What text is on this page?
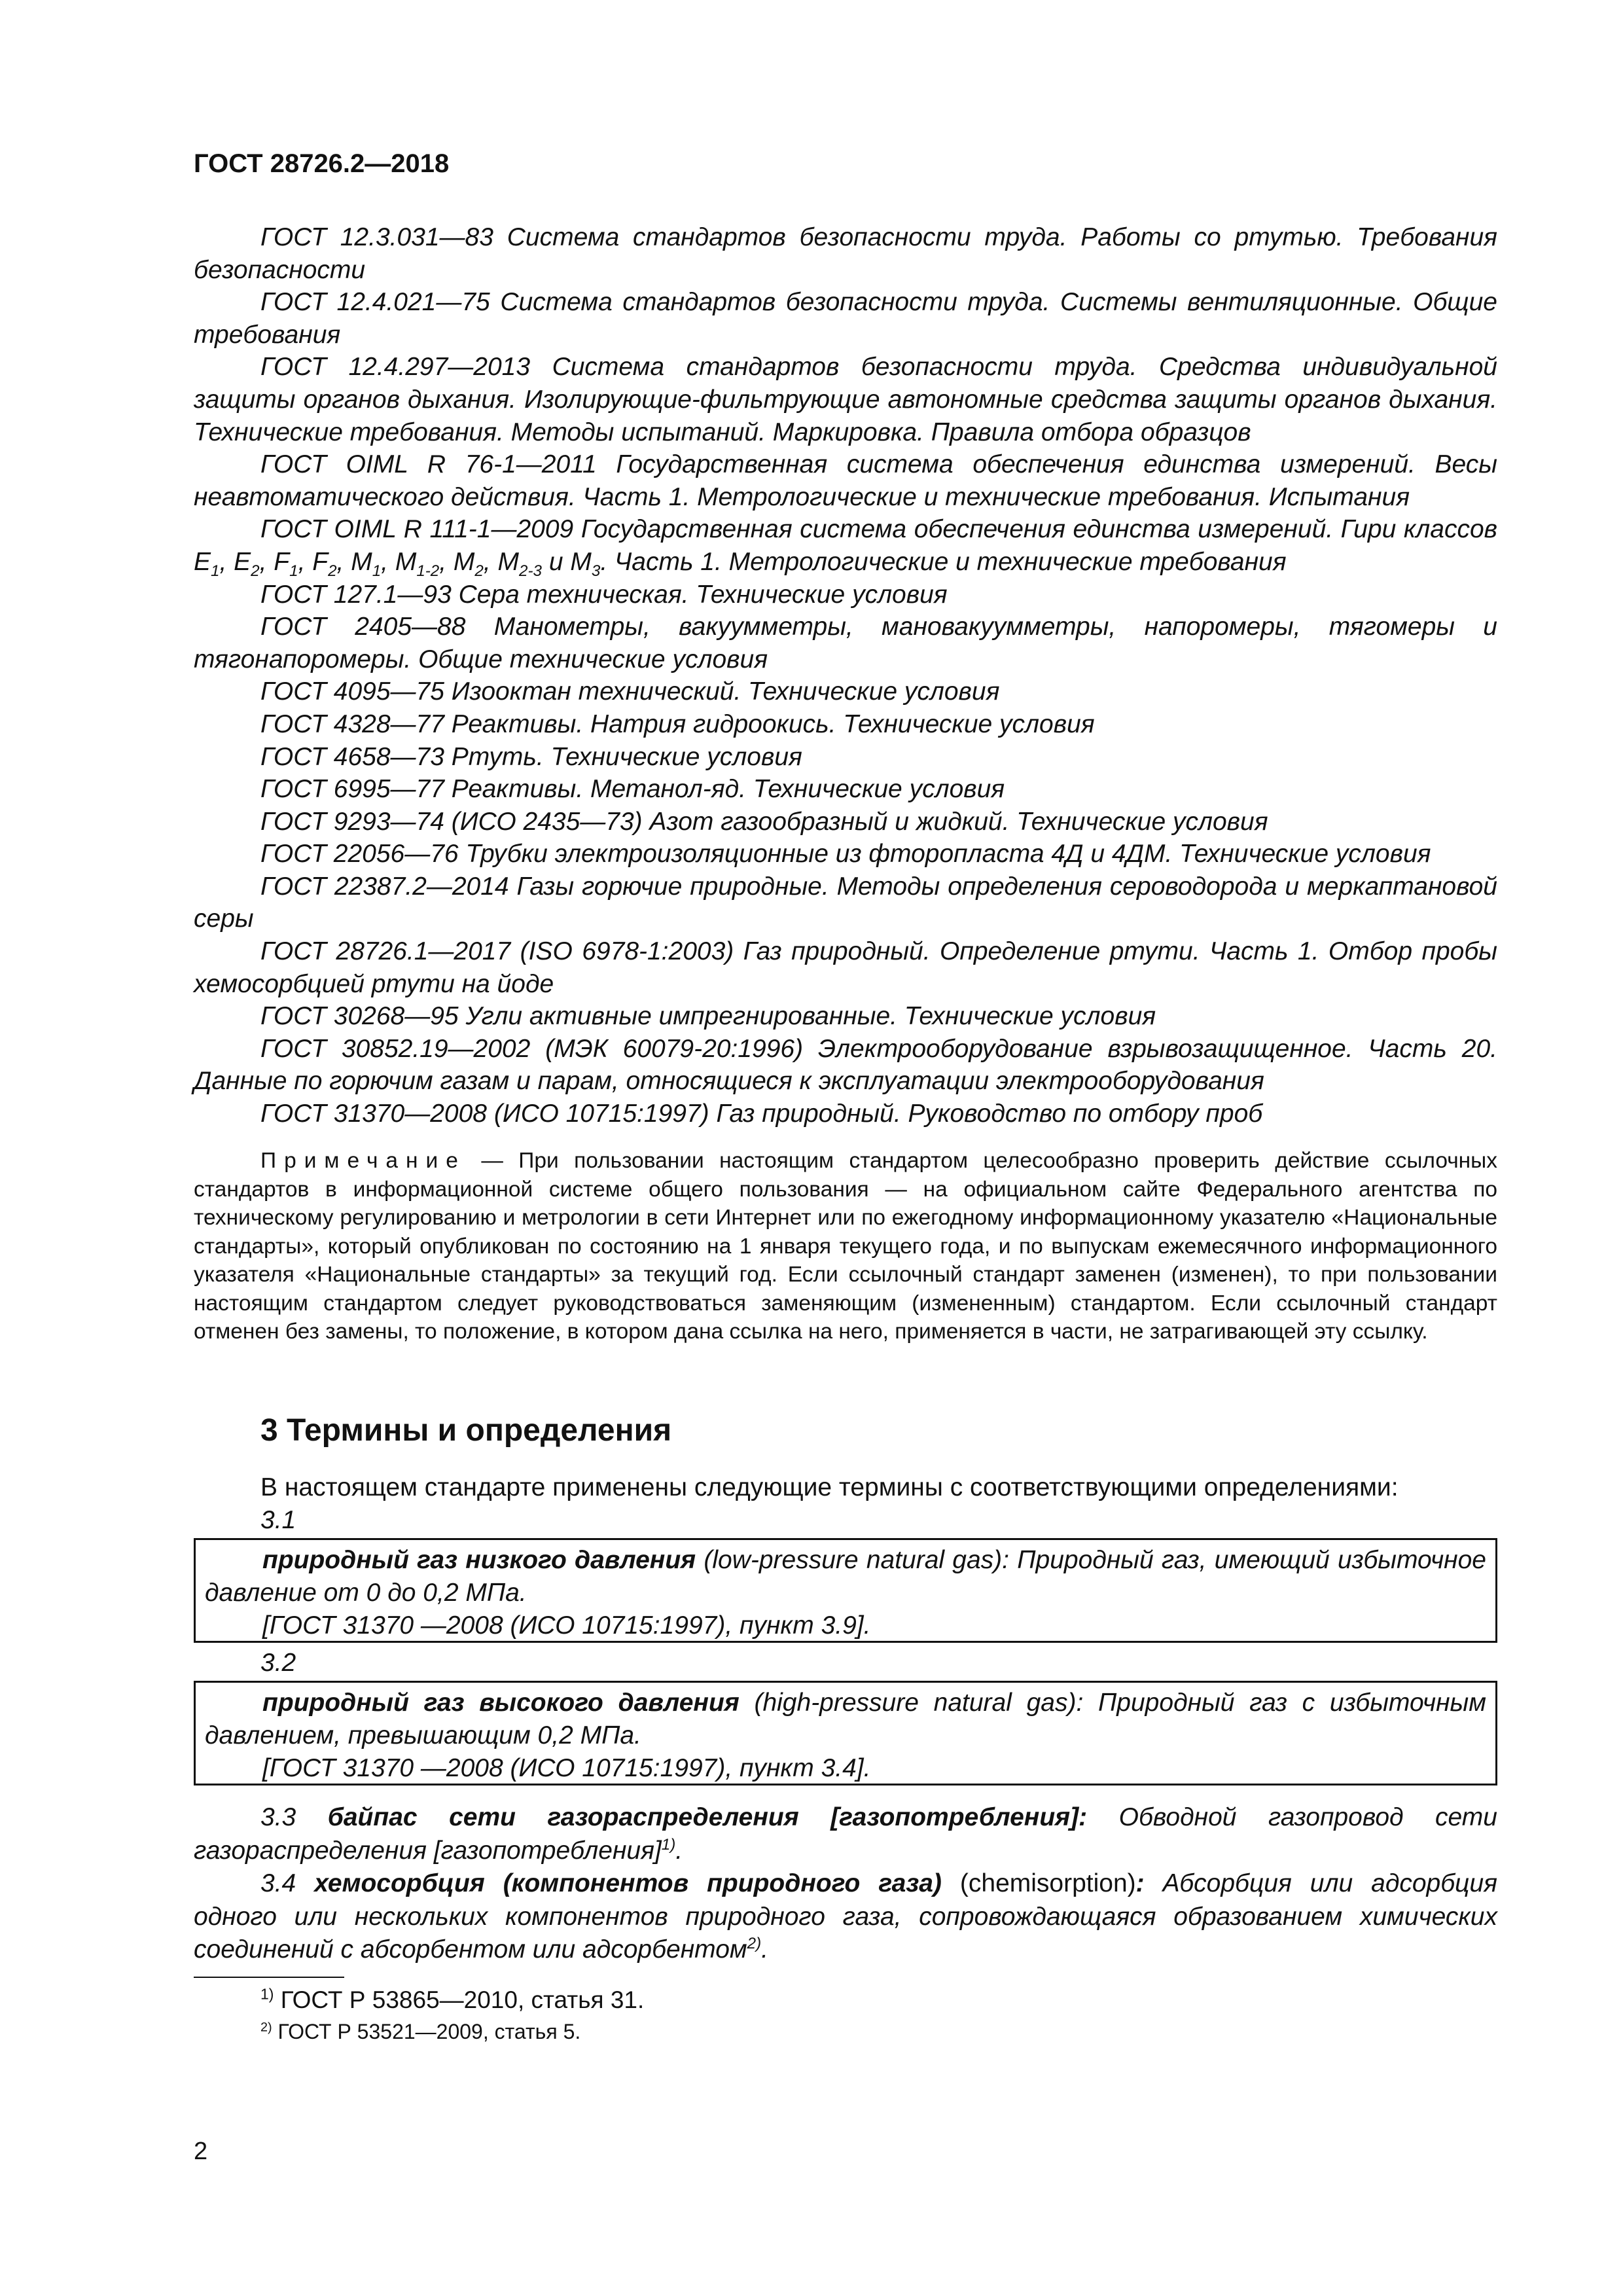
ГОСТ 28726.2—2018

ГОСТ 12.3.031—83 Система стандартов безопасности труда. Работы со ртутью. Требования безопасности

ГОСТ 12.4.021—75 Система стандартов безопасности труда. Системы вентиляционные. Общие требования

ГОСТ 12.4.297—2013 Система стандартов безопасности труда. Средства индивидуальной защиты органов дыхания. Изолирующие-фильтрующие автономные средства защиты органов дыхания. Технические требования. Методы испытаний. Маркировка. Правила отбора образцов

ГОСТ OIML R 76-1—2011 Государственная система обеспечения единства измерений. Весы неавтоматического действия. Часть 1. Метрологические и технические требования. Испытания

ГОСТ OIML R 111-1—2009 Государственная система обеспечения единства измерений. Гири классов $E_1$, $E_2$, $F_1$, $F_2$, $M_1$, $M_{1-2}$, $M_2$, $M_{2-3}$ и $M_3$. Часть 1. Метрологические и технические требования

ГОСТ 127.1—93 Сера техническая. Технические условия

ГОСТ 2405—88 Манометры, вакуумметры, мановакуумметры, напоромеры, тягомеры и тягонапоромеры. Общие технические условия

ГОСТ 4095—75 Изооктан технический. Технические условия

ГОСТ 4328—77 Реактивы. Натрия гидроокись. Технические условия

ГОСТ 4658—73 Ртуть. Технические условия

ГОСТ 6995—77 Реактивы. Метанол-яд. Технические условия

ГОСТ 9293—74 (ИСО 2435—73) Азот газообразный и жидкий. Технические условия

ГОСТ 22056—76 Трубки электроизоляционные из фторопласта 4Д и 4ДМ. Технические условия

ГОСТ 22387.2—2014 Газы горючие природные. Методы определения сероводорода и меркаптановой серы

ГОСТ 28726.1—2017 (ISO 6978-1:2003) Газ природный. Определение ртути. Часть 1. Отбор пробы хемосорбцией ртути на йоде

ГОСТ 30268—95 Угли активные импрегнированные. Технические условия

ГОСТ 30852.19—2002 (МЭК 60079-20:1996) Электрооборудование взрывозащищенное. Часть 20. Данные по горючим газам и парам, относящиеся к эксплуатации электрооборудования

ГОСТ 31370—2008 (ИСО 10715:1997) Газ природный. Руководство по отбору проб

Примечание — При пользовании настоящим стандартом целесообразно проверить действие ссылочных стандартов в информационной системе общего пользования — на официальном сайте Федерального агентства по техническому регулированию и метрологии в сети Интернет или по ежегодному информационному указателю «Национальные стандарты», который опубликован по состоянию на 1 января текущего года, и по выпускам ежемесячного информационного указателя «Национальные стандарты» за текущий год. Если ссылочный стандарт заменен (изменен), то при пользовании настоящим стандартом следует руководствоваться заменяющим (измененным) стандартом. Если ссылочный стандарт отменен без замены, то положение, в котором дана ссылка на него, применяется в части, не затрагивающей эту ссылку.

3 Термины и определения
В настоящем стандарте применены следующие термины с соответствующими определениями:
3.1

природный газ низкого давления (low-pressure natural gas): Природный газ, имеющий избыточное давление от 0 до 0,2 МПа.

[ГОСТ 31370 —2008 (ИСО 10715:1997), пункт 3.9].

3.2

природный газ высокого давления (high-pressure natural gas): Природный газ с избыточным давлением, превышающим 0,2 МПа.

[ГОСТ 31370 —2008 (ИСО 10715:1997), пункт 3.4].

3.3 байпас сети газораспределения [газопотребления]: Обводной газопровод сети газораспределения [газопотребления]$^{1)}$.

3.4 хемосорбция (компонентов природного газа) (chemisorption): Абсорбция или адсорбция одного или нескольких компонентов природного газа, сопровождающаяся образованием химических соединений с абсорбентом или адсорбентом$^{2)}$.

$^{1)}$ ГОСТ Р 53865—2010, статья 31.

$^{2)}$ ГОСТ Р 53521—2009, статья 5.

2
